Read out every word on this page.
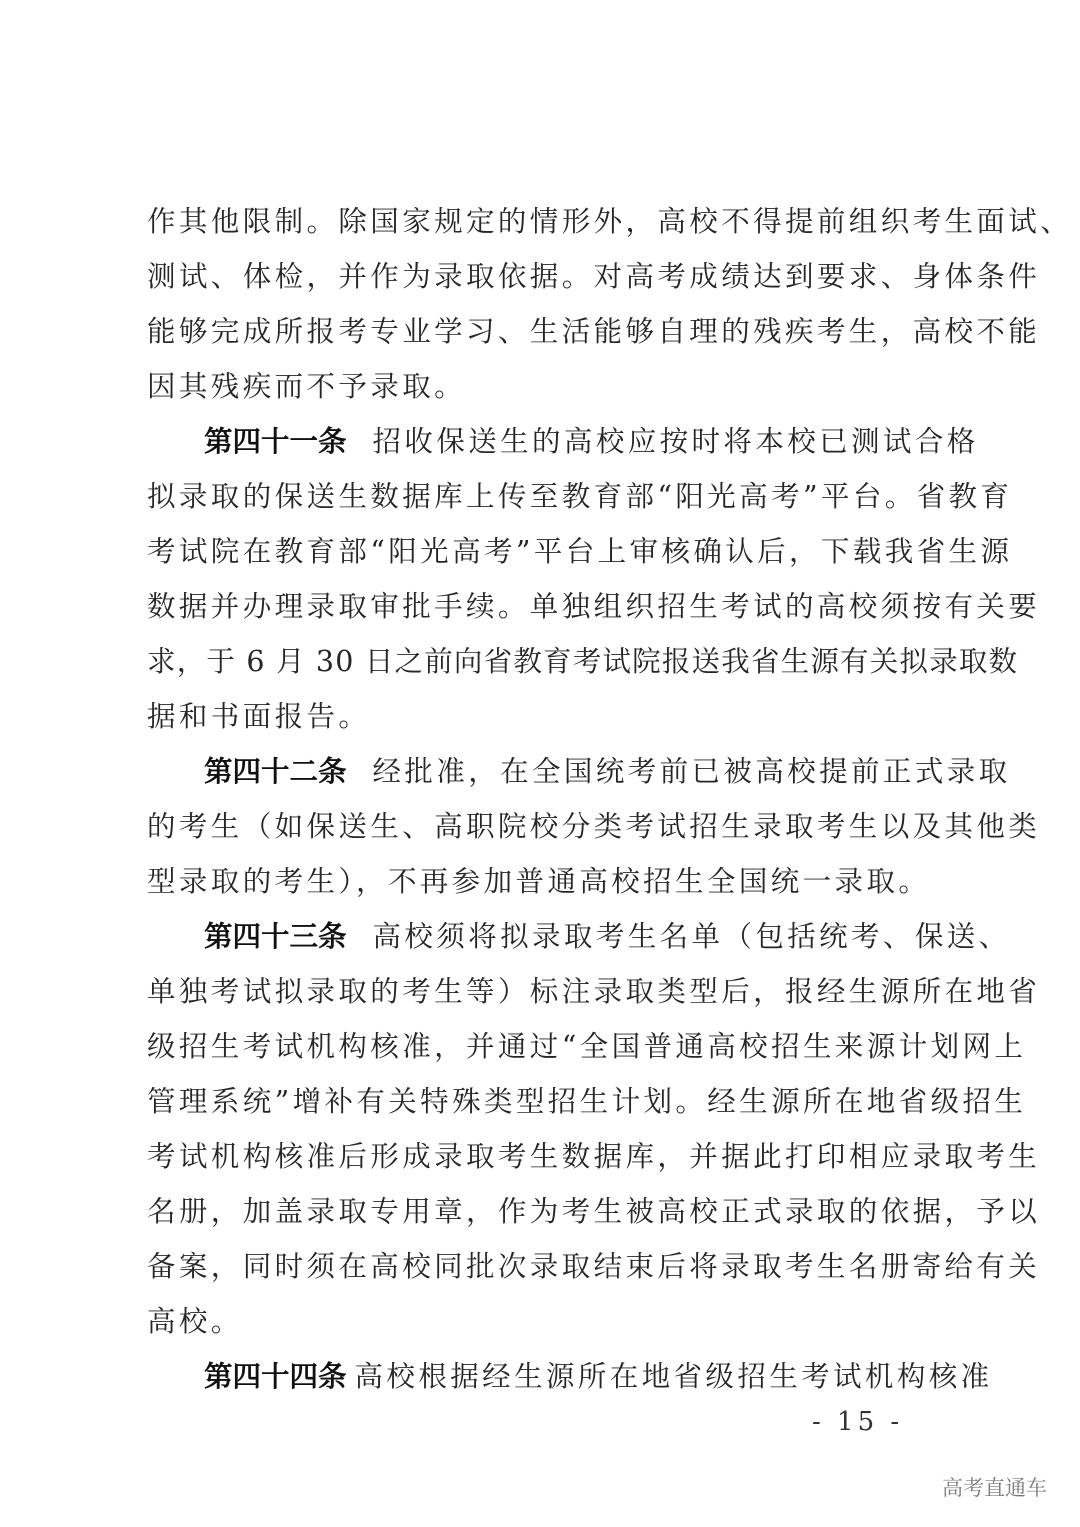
作其他限制。除国家规定的情形外，高校不得提前组织考生面试、
测试、体检，并作为录取依据。对高考成绩达到要求、身体条件
能够完成所报考专业学习、生活能够自理的残疾考生，高校不能
因其残疾而不予录取。
第四十一条 招收保送生的高校应按时将本校已测试合格
拟录取的保送生数据库上传至教育部“阳光高考”平台。省教育
考试院在教育部“阳光高考”平台上审核确认后，下载我省生源
数据并办理录取审批手续。单独组织招生考试的高校须按有关要
求，于 6 月 30 日之前向省教育考试院报送我省生源有关拟录取数
据和书面报告。
第四十二条 经批准，在全国统考前已被高校提前正式录取
的考生（如保送生、高职院校分类考试招生录取考生以及其他类
型录取的考生），不再参加普通高校招生全国统一录取。
第四十三条 高校须将拟录取考生名单（包括统考、保送、
单独考试拟录取的考生等）标注录取类型后，报经生源所在地省
级招生考试机构核准，并通过“全国普通高校招生来源计划网上
管理系统”增补有关特殊类型招生计划。经生源所在地省级招生
考试机构核准后形成录取考生数据库，并据此打印相应录取考生
名册，加盖录取专用章，作为考生被高校正式录取的依据，予以
备案，同时须在高校同批次录取结束后将录取考生名册寄给有关
高校。
第四十四条 高校根据经生源所在地省级招生考试机构核准
- 15 -
高考直通车
